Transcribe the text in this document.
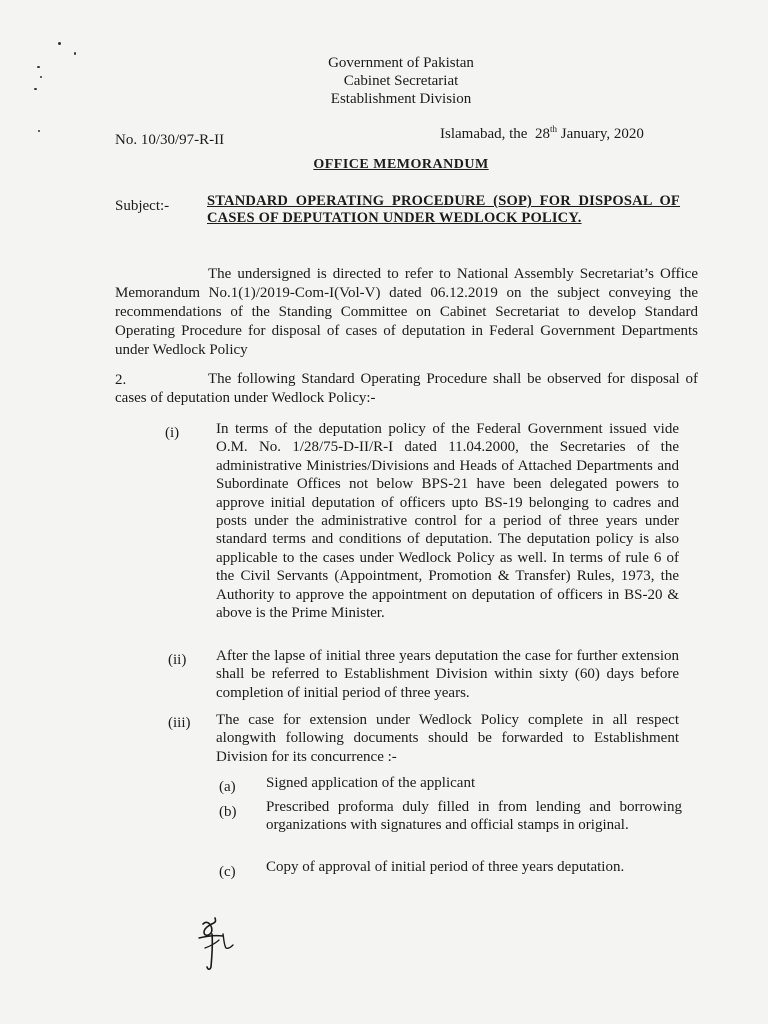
Government of Pakistan
Cabinet Secretariat
Establishment Division
No. 10/30/97-R-II	Islamabad, the  28th January, 2020
OFFICE MEMORANDUM
Subject:-	STANDARD OPERATING PROCEDURE (SOP) FOR DISPOSAL OF CASES OF DEPUTATION UNDER WEDLOCK POLICY.
The undersigned is directed to refer to National Assembly Secretariat’s Office Memorandum No.1(1)/2019-Com-I(Vol-V) dated 06.12.2019 on the subject conveying the recommendations of the Standing Committee on Cabinet Secretariat to develop Standard Operating Procedure for disposal of cases of deputation in Federal Government Departments under Wedlock Policy
2.	The following Standard Operating Procedure shall be observed for disposal of cases of deputation under Wedlock Policy:-
(i) In terms of the deputation policy of the Federal Government issued vide O.M. No. 1/28/75-D-II/R-I dated 11.04.2000, the Secretaries of the administrative Ministries/Divisions and Heads of Attached Departments and Subordinate Offices not below BPS-21 have been delegated powers to approve initial deputation of officers upto BS-19 belonging to cadres and posts under the administrative control for a period of three years under standard terms and conditions of deputation. The deputation policy is also applicable to the cases under Wedlock Policy as well. In terms of rule 6 of the Civil Servants (Appointment, Promotion & Transfer) Rules, 1973, the Authority to approve the appointment on deputation of officers in BS-20 & above is the Prime Minister.
(ii) After the lapse of initial three years deputation the case for further extension shall be referred to Establishment Division within sixty (60) days before completion of initial period of three years.
(iii) The case for extension under Wedlock Policy complete in all respect alongwith following documents should be forwarded to Establishment Division for its concurrence :-
(a) Signed application of the applicant
(b) Prescribed proforma duly filled in from lending and borrowing organizations with signatures and official stamps in original.
(c) Copy of approval of initial period of three years deputation.
